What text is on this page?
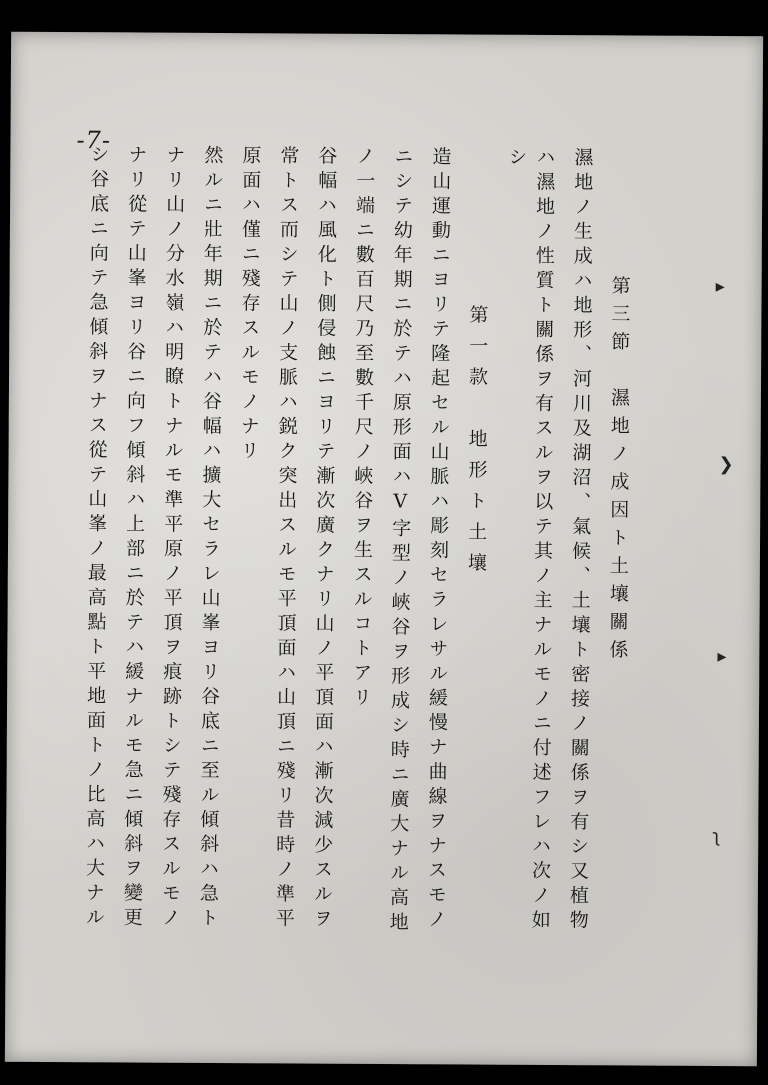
-7-
濕地ノ生成ハ地形、河川及湖沼、氣候、土壤ト密接ノ關係ヲ有シ又植物
ハ濕地ノ性質ト關係ヲ有スルヲ以テ其ノ主ナルモノニ付述フレハ次ノ如
シ
第三節　濕地ノ成因ト土壤關係
第一款　地形ト土壤
造山運動ニヨリテ隆起セル山脈ハ彫刻セラレサル緩慢ナ曲線ヲナスモノ
ニシテ幼年期ニ於テハ原形面ハV字型ノ峽谷ヲ形成シ時ニ廣大ナル高地
ノ一端ニ數百尺乃至數千尺ノ峽谷ヲ生スルコトアリ
谷幅ハ風化ト側侵蝕ニヨリテ漸次廣クナリ山ノ平頂面ハ漸次減少スルヲ
常トス而シテ山ノ支脈ハ鋭ク突出スルモ平頂面ハ山頂ニ殘リ昔時ノ準平
原面ハ僅ニ殘存スルモノナリ
然ルニ壯年期ニ於テハ谷幅ハ擴大セラレ山峯ヨリ谷底ニ至ル傾斜ハ急ト
ナリ山ノ分水嶺ハ明瞭トナルモ準平原ノ平頂ヲ痕跡トシテ殘存スルモノ
ナリ從テ山峯ヨリ谷ニ向フ傾斜ハ上部ニ於テハ緩ナルモ急ニ傾斜ヲ變更
シ谷底ニ向テ急傾斜ヲナス從テ山峯ノ最高點ト平地面トノ比高ハ大ナル	▸
❯
▸
ʅ
